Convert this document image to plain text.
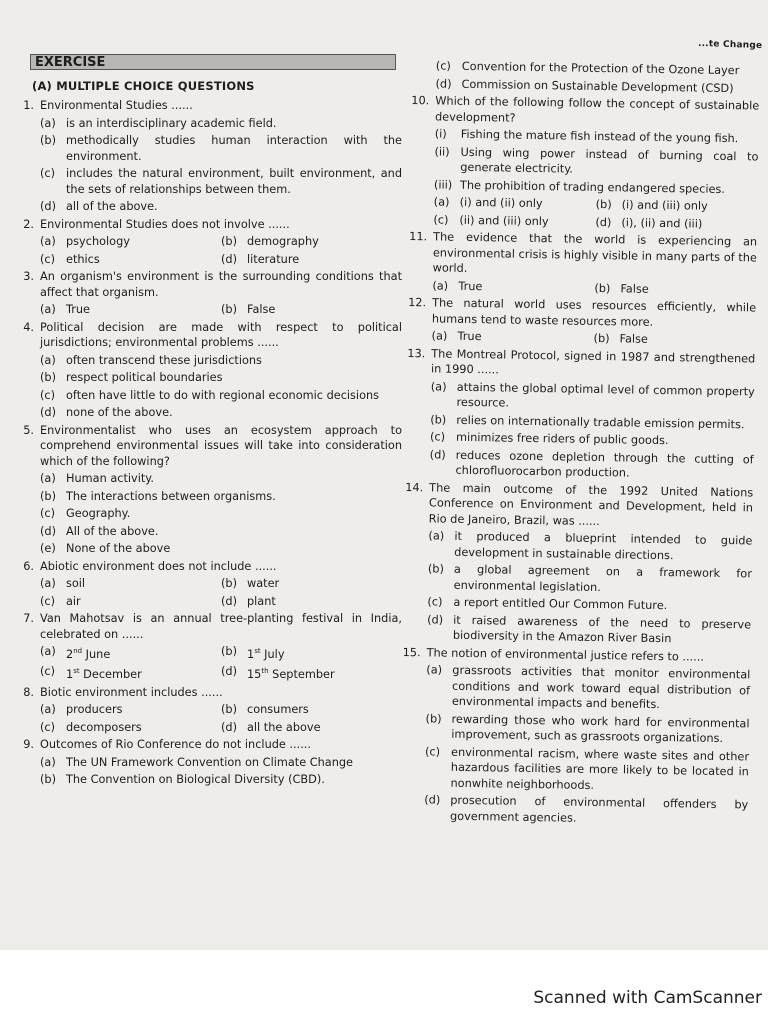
...te Change
EXERCISE
(A) MULTIPLE CHOICE QUESTIONS
1. Environmental Studies ......
(a) is an interdisciplinary academic field.
(b) methodically studies human interaction with the environment.
(c) includes the natural environment, built environment, and the sets of relationships between them.
(d) all of the above.
2. Environmental Studies does not involve ......
(a) psychology	(b) demography
(c) ethics	(d) literature
3. An organism's environment is the surrounding conditions that affect that organism.
(a) True	(b) False
4. Political decision are made with respect to political jurisdictions; environmental problems ......
(a) often transcend these jurisdictions
(b) respect political boundaries
(c) often have little to do with regional economic decisions
(d) none of the above.
5. Environmentalist who uses an ecosystem approach to comprehend environmental issues will take into consideration which of the following?
(a) Human activity.
(b) The interactions between organisms.
(c) Geography.
(d) All of the above.
(e) None of the above
6. Abiotic environment does not include ......
(a) soil	(b) water
(c) air	(d) plant
7. Van Mahotsav is an annual tree-planting festival in India, celebrated on ......
(a) 2nd June	(b) 1st July
(c) 1st December	(d) 15th September
8. Biotic environment includes ......
(a) producers	(b) consumers
(c) decomposers	(d) all the above
9. Outcomes of Rio Conference do not include ......
(a) The UN Framework Convention on Climate Change
(b) The Convention on Biological Diversity (CBD).
(c) Convention for the Protection of the Ozone Layer
(d) Commission on Sustainable Development (CSD)
10. Which of the following follow the concept of sustainable development?
(i)	Fishing the mature fish instead of the young fish.
(ii) Using wing power instead of burning coal to generate electricity.
(iii) The prohibition of trading endangered species.
(a) (i) and (ii) only	(b) (i) and (iii) only
(c) (ii) and (iii) only	(d) (i), (ii) and (iii)
11. The evidence that the world is experiencing an environmental crisis is highly visible in many parts of the world.
(a) True	(b) False
12. The natural world uses resources efficiently, while humans tend to waste resources more.
(a) True	(b) False
13. The Montreal Protocol, signed in 1987 and strengthened in 1990 ......
(a) attains the global optimal level of common property resource.
(b) relies on internationally tradable emission permits.
(c) minimizes free riders of public goods.
(d) reduces ozone depletion through the cutting of chlorofluorocarbon production.
14. The main outcome of the 1992 United Nations Conference on Environment and Development, held in Rio de Janeiro, Brazil, was ......
(a) it produced a blueprint intended to guide development in sustainable directions.
(b) a global agreement on a framework for environmental legislation.
(c) a report entitled Our Common Future.
(d) it raised awareness of the need to preserve biodiversity in the Amazon River Basin
15. The notion of environmental justice refers to ......
(a) grassroots activities that monitor environmental conditions and work toward equal distribution of environmental impacts and benefits.
(b) rewarding those who work hard for environmental improvement, such as grassroots organizations.
(c) environmental racism, where waste sites and other hazardous facilities are more likely to be located in nonwhite neighborhoods.
(d) prosecution of environmental offenders by government agencies.
Scanned with CamScanner
